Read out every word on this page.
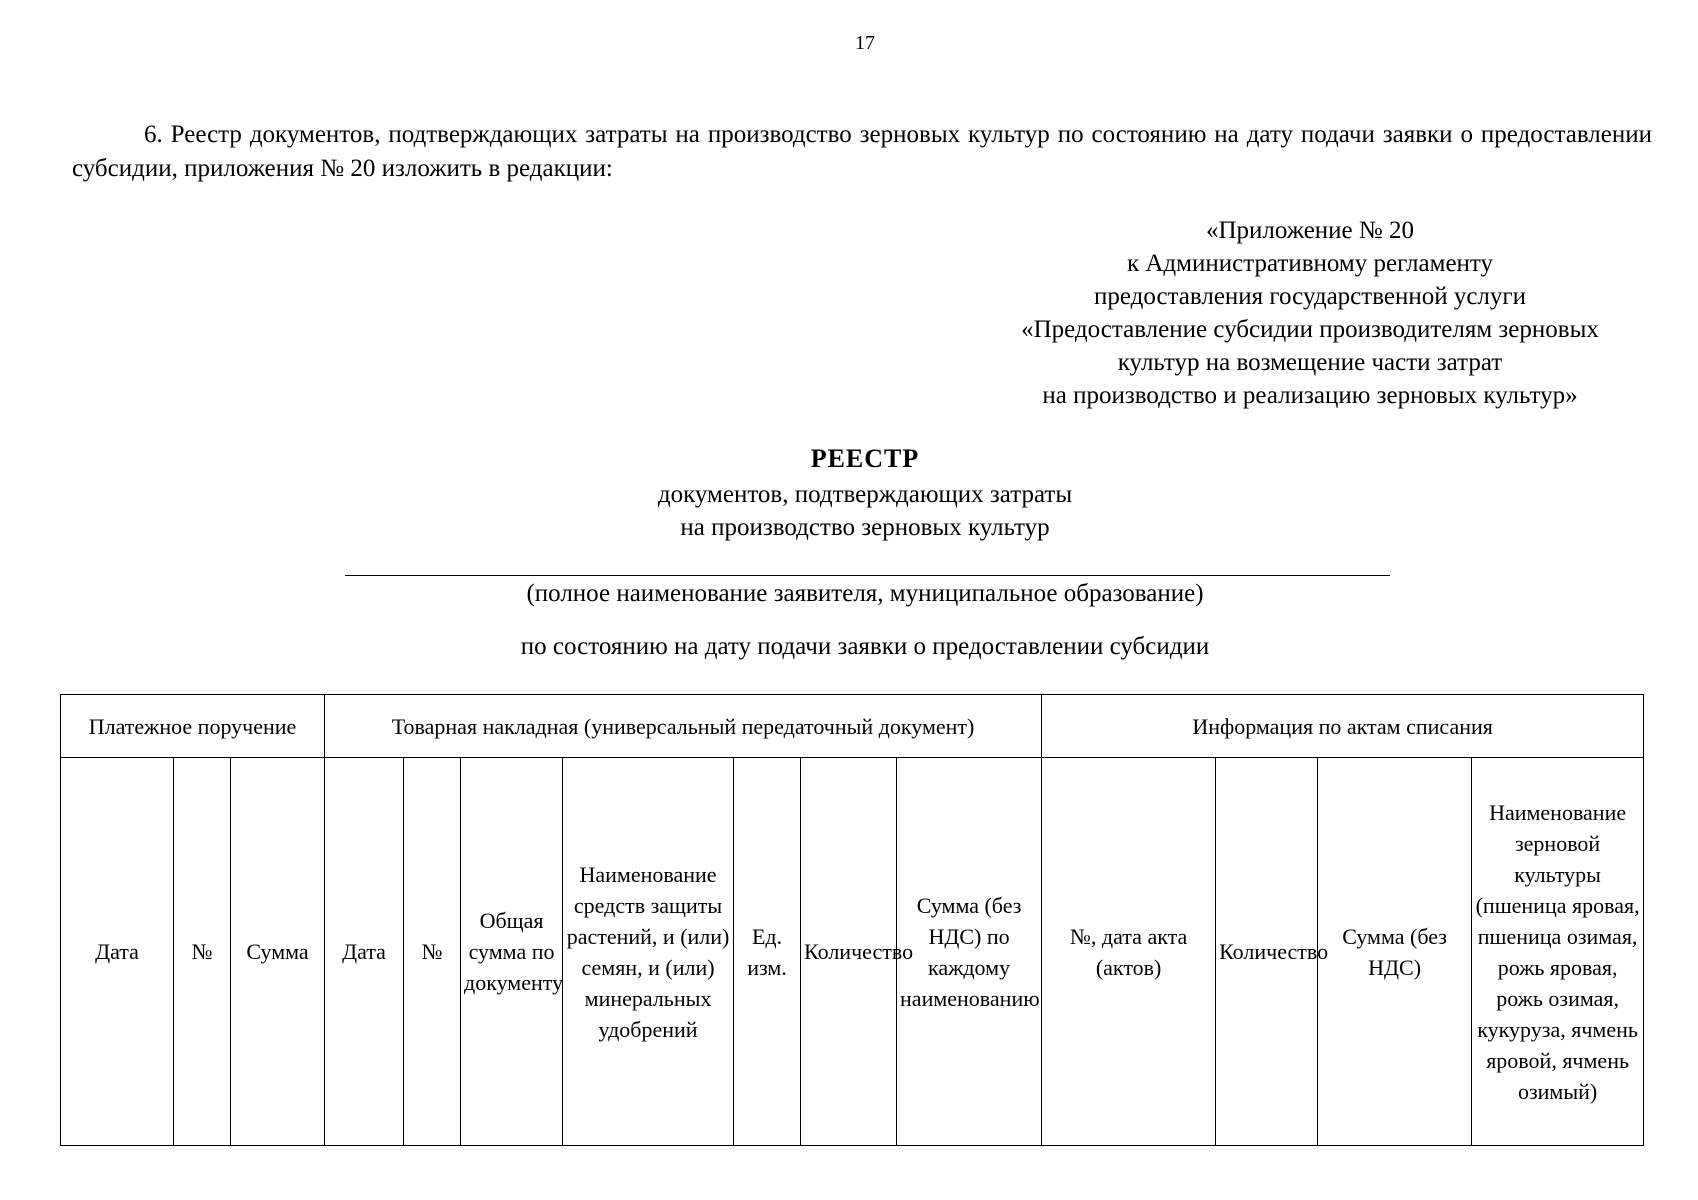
17
6. Реестр документов, подтверждающих затраты на производство зерновых культур по состоянию на дату подачи заявки о предоставлении субсидии, приложения № 20 изложить в редакции:
«Приложение № 20
к Административному регламенту
предоставления государственной услуги
«Предоставление субсидии производителям зерновых
культур на возмещение части затрат
на производство и реализацию зерновых культур»
РЕЕСТР
документов, подтверждающих затраты
на производство зерновых культур
(полное наименование заявителя, муниципальное образование)
по состоянию на дату подачи заявки о предоставлении субсидии
Платежное поручение			Товарная накладная (универсальный передаточный документ)							Информация по актам списания			
Дата	№	Сумма	Дата	№	Общая сумма по документу	Наименование средств защиты растений, и (или) семян, и (или) минеральных удобрений	Ед. изм.	Количество	Сумма (без НДС) по каждому наименованию	№, дата акта (актов)	Количество	Сумма (без НДС)	Наименование зерновой культуры (пшеница яровая, пшеница озимая, рожь яровая, рожь озимая, кукуруза, ячмень яровой, ячмень озимый)
